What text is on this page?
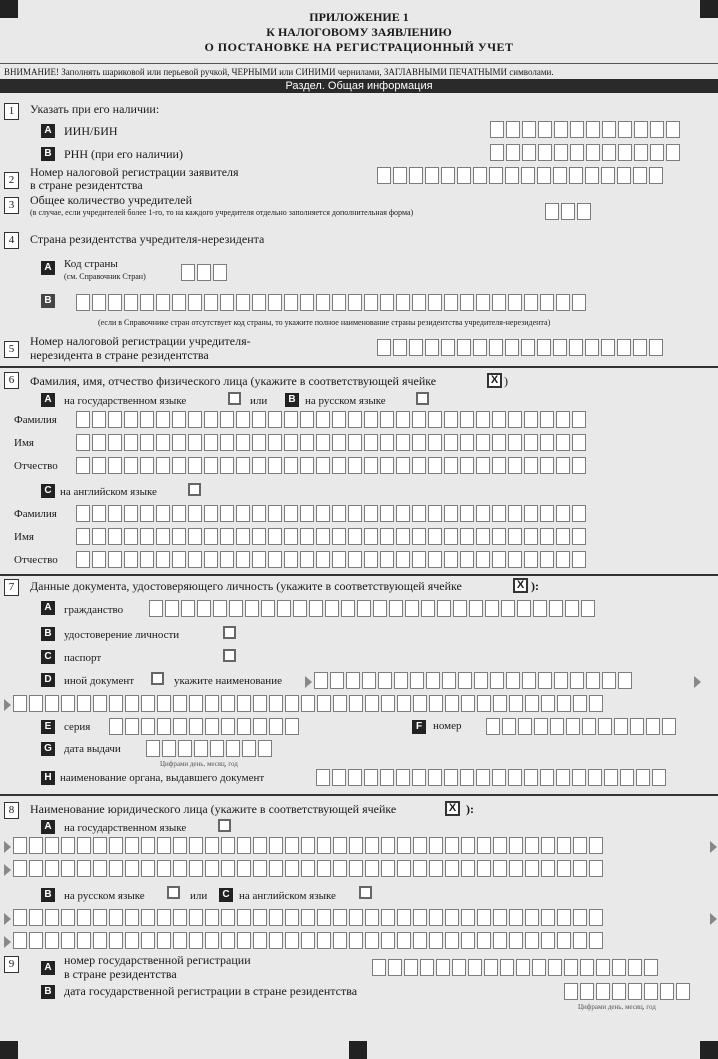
ПРИЛОЖЕНИЕ 1
К НАЛОГОВОМУ ЗАЯВЛЕНИЮ
О ПОСТАНОВКЕ НА РЕГИСТРАЦИОННЫЙ УЧЕТ
ВНИМАНИЕ! Заполнять шариковой или перьевой ручкой, ЧЕРНЫМИ или СИНИМИ чернилами, ЗАГЛАВНЫМИ ПЕЧАТНЫМИ символами.
Раздел. Общая информация
1	Указать при его наличии:
A ИИН/БИН
B РНН (при его наличии)
2
Номер налоговой регистрации заявителя
в стране резидентства
3	Общее количество учредителей
(в случае, если учредителей более 1-го, то на каждого учредителя отдельно заполняется дополнительная форма)
4	Страна резидентства учредителя-нерезидента
A	Код страны
(см. Справочник Стран)
B
(если в Справочнике стран отсутствует код страны, то укажите полное наименование страны резидентства учредителя-нерезидента)
5
Номер налоговой регистрации учредителя-
нерезидента в стране резидентства
6	Фамилия, имя, отчество физического лица (укажите в соответствующей ячейке	X )
A	на государственном языке	или	B на русском языке
Фамилия
Имя
Отчество
C на английском языке
Фамилия
Имя
Отчество
7	Данные документа, удостоверяющего личность (укажите в соответствующей ячейке	X ):
A	гражданство
B	удостоверение личности
C	паспорт
D	иной документ	укажите наименование
E	серия	F номер
G дата выдачи
Цифрами день, месяц, год
H наименование органа, выдавшего документ
8	Наименование юридического лица (укажите в соответствующей ячейке	X ):
A	на государственном языке
B	на русском языке	или	C на английском языке
9	A
номер государственной регистрации
в стране резидентства
B дата государственной регистрации в стране резидентства
Цифрами день, месяц, год
